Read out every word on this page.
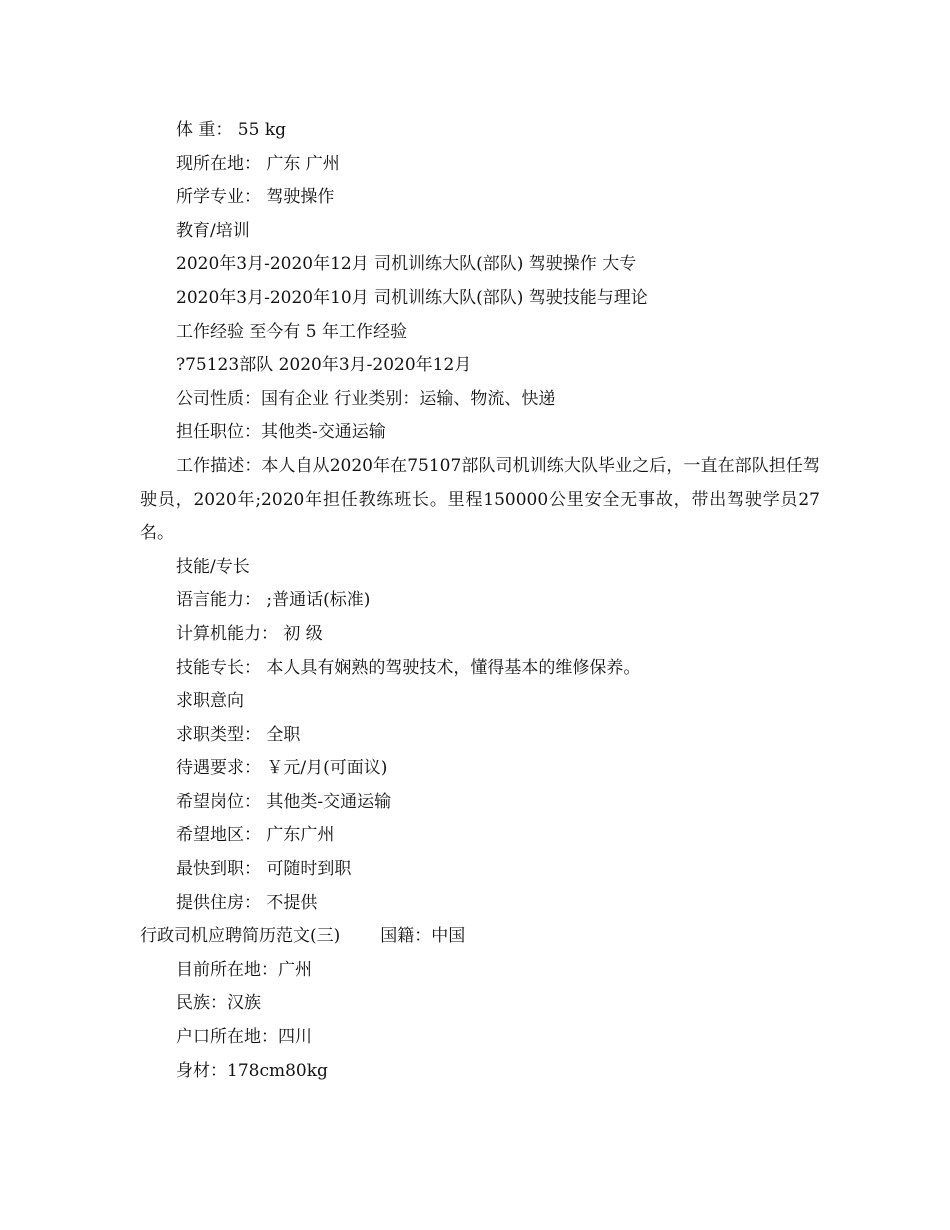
体 重： 55 kg
现所在地： 广东 广州
所学专业： 驾驶操作
教育/培训
2020年3月-2020年12月 司机训练大队(部队) 驾驶操作 大专
2020年3月-2020年10月 司机训练大队(部队) 驾驶技能与理论
工作经验 至今有 5 年工作经验
?75123部队 2020年3月-2020年12月
公司性质：国有企业 行业类别：运输、物流、快递
担任职位：其他类-交通运输
工作描述：本人自从2020年在75107部队司机训练大队毕业之后，一直在部队担任驾驶员，2020年;2020年担任教练班长。里程150000公里安全无事故，带出驾驶学员27名。
技能/专长
语言能力： ;普通话(标准)
计算机能力： 初 级
技能专长： 本人具有娴熟的驾驶技术，懂得基本的维修保养。
求职意向
求职类型： 全职
待遇要求： ￥元/月(可面议)
希望岗位： 其他类-交通运输
希望地区： 广东广州
最快到职： 可随时到职
提供住房： 不提供
行政司机应聘简历范文(三) 国籍：中国
目前所在地：广州
民族：汉族
户口所在地：四川
身材：178cm80kg
